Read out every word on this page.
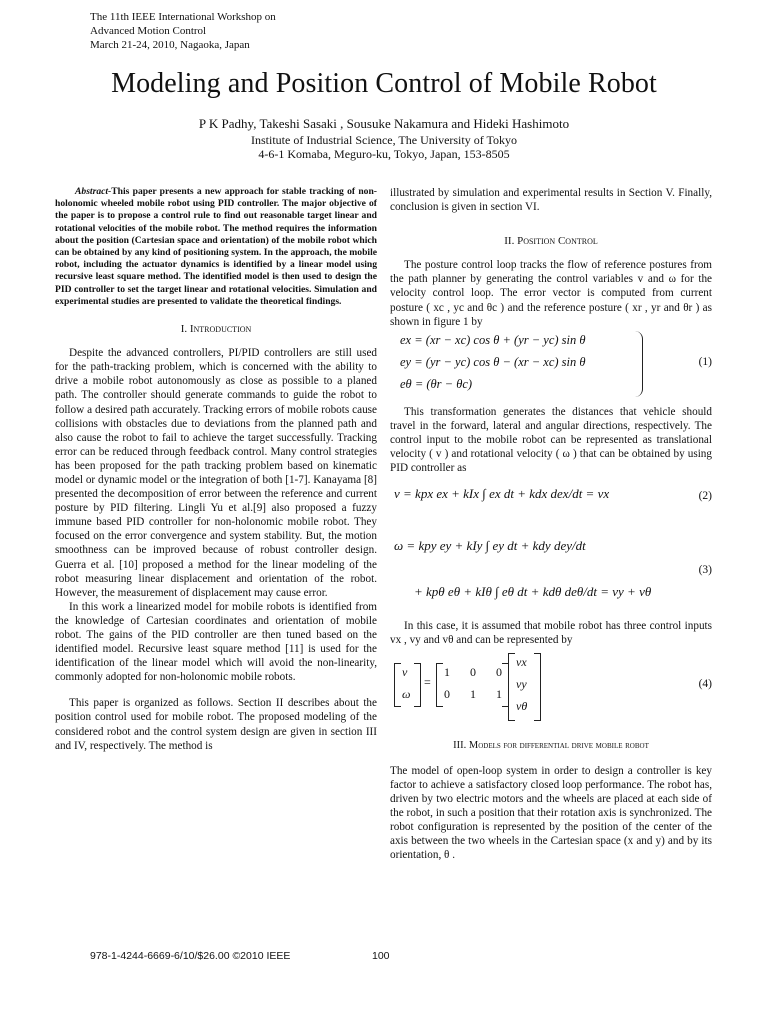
The 11th IEEE International Workshop on
Advanced Motion Control
March 21-24, 2010, Nagaoka, Japan
Modeling and Position Control of Mobile Robot
P K Padhy, Takeshi Sasaki , Sousuke Nakamura and Hideki Hashimoto
Institute of Industrial Science, The University of Tokyo
4-6-1 Komaba, Meguro-ku, Tokyo, Japan, 153-8505

Abstract-This paper presents a new approach for stable tracking of non-holonomic wheeled mobile robot using PID controller. The major objective of the paper is to propose a control rule to find out reasonable target linear and rotational velocities of the mobile robot. The method requires the information about the position (Cartesian space and orientation) of the mobile robot which can be obtained by any kind of positioning system. In the approach, the mobile robot, including the actuator dynamics is identified by a linear model using recursive least square method. The identified model is then used to design the PID controller to set the target linear and rotational velocities. Simulation and experimental studies are presented to validate the theoretical findings.

I. Introduction

Despite the advanced controllers, PI/PID controllers are still used for the path-tracking problem, which is concerned with the ability to drive a mobile robot autonomously as close as possible to a planed path. The controller should generate commands to guide the robot to follow a desired path accurately. Tracking errors of mobile robots cause collisions with obstacles due to deviations from the planned path and also cause the robot to fail to achieve the target successfully. Tracking error can be reduced through feedback control. Many control strategies has been proposed for the path tracking problem based on kinematic model or dynamic model or the integration of both [1-7]. Kanayama [8] presented the decomposition of error between the reference and current posture by PID filtering. Lingli Yu et al.[9] also proposed a fuzzy immune based PID controller for non-holonomic mobile robot. They focused on the error convergence and system stability. But, the motion smoothness can be improved because of robust controller design. Guerra et al. [10] proposed a method for the linear modeling of the robot measuring linear displacement and orientation of the robot. However, the measurement of displacement may cause error.

In this work a linearized model for mobile robots is identified from the knowledge of Cartesian coordinates and orientation of mobile robot. The gains of the PID controller are then tuned based on the identified model. Recursive least square method [11] is used for the identification of the linear model which will avoid the non-linearity, commonly adopted for non-holonomic mobile robots.

This paper is organized as follows. Section II describes about the position control used for mobile robot. The proposed modeling of the considered robot and the control system design are given in section III and IV, respectively. The method is

illustrated by simulation and experimental results in Section V. Finally, conclusion is given in section VI.

II. Position Control

The posture control loop tracks the flow of reference postures from the path planner by generating the control variables v and ω for the velocity control loop. The error vector is computed from current posture ( xc , yc and θc ) and the reference posture ( xr , yr and θr ) as shown in figure 1 by

ex = (xr − xc) cos θ + (yr − yc) sin θ
ey = (yr − yc) cos θ − (xr − xc) sin θ
eθ = (θr − θc)
(1)

This transformation generates the distances that vehicle should travel in the forward, lateral and angular directions, respectively. The control input to the mobile robot can be represented as translational velocity ( v ) and rotational velocity ( ω ) that can be obtained by using PID controller as

v = kpx ex + kIx ∫ ex dt + kdx dex/dt = vx	(2)
ω = kpy ey + kIy ∫ ey dt + kdy dey/dt
+ kpθ eθ + kIθ ∫ eθ dt + kdθ deθ/dt = vy + vθ
(3)

In this case, it is assumed that mobile robot has three control inputs vx , vy and vθ and can be represented by

v
ω
=
1 0 0
0 1 1
vx
vy
vθ
(4)
III. Models for differential drive mobile robot

The model of open-loop system in order to design a controller is key factor to achieve a satisfactory closed loop performance. The robot has, driven by two electric motors and the wheels are placed at each side of the robot, in such a position that their rotation axis is synchronized. The robot configuration is represented by the position of the center of the axis between the two wheels in the Cartesian space (x and y) and by its orientation, θ .

978-1-4244-6669-6/10/$26.00 ©2010 IEEE	100
